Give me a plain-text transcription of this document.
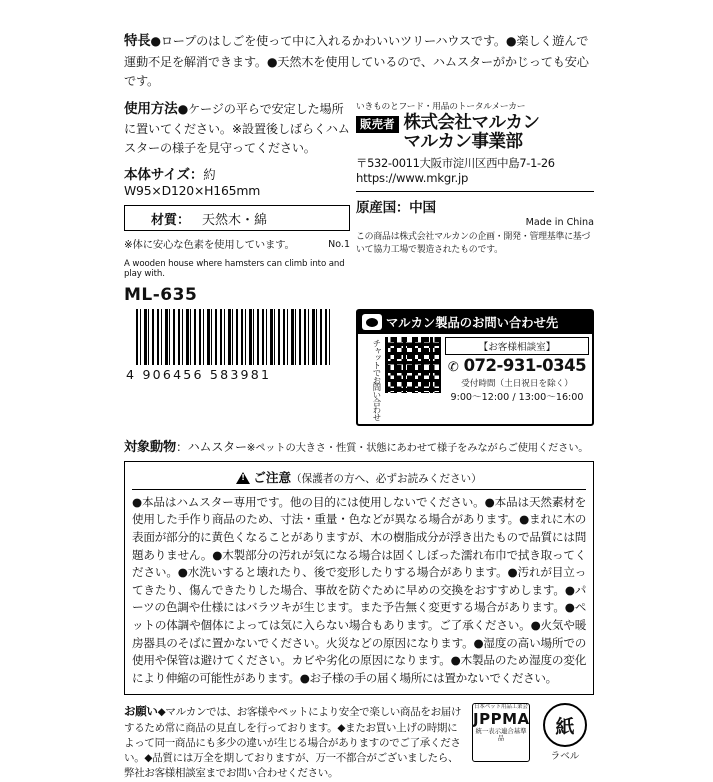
特長●ロープのはしごを使って中に入れるかわいいツリーハウスです。●楽しく遊んで運動不足を解消できます。●天然木を使用しているので、ハムスターがかじっても安心です。
使用方法●ケージの平らで安定した場所に置いてください。※設置後しばらくハムスターの様子を見守ってください。
本体サイズ：約W95×D120×H165mm
材質： 天然木・綿
※体に安心な色素を使用しています。	No.1
A wooden house where hamsters can climb into and play with.
ML-635
いきものとフード・用品のトータルメーカー
販売者 株式会社マルカン
マルカン事業部
〒532-0011大阪市淀川区西中島7-1-26
https://www.mkgr.jp
原産国：中国
Made in China
この商品は株式会社マルカンの企画・開発・管理基準に基づいて協力工場で製造されたものです。
4 906456 583981
マルカン製品のお問い合わせ先
チャットでお問い合わせ	【お客様相談室】
✆ 072-931-0345
受付時間（土日祝日を除く）
9:00〜12:00 / 13:00〜16:00
対象動物：ハムスター※ペットの大きさ・性質・状態にあわせて様子をみながらご使用ください。
!ご注意（保護者の方へ、必ずお読みください）
●本品はハムスター専用です。他の目的には使用しないでください。●本品は天然素材を使用した手作り商品のため、寸法・重量・色などが異なる場合があります。●まれに木の表面が部分的に黄色くなることがありますが、木の樹脂成分が浮き出たもので品質には問題ありません。●木製部分の汚れが気になる場合は固くしぼった濡れ布巾で拭き取ってください。●水洗いすると壊れたり、後で変形したりする場合があります。●汚れが目立ってきたり、傷んできたりした場合、事故を防ぐために早めの交換をおすすめします。●パーツの色調や仕様にはバラツキが生じます。また予告無く変更する場合があります。●ペットの体調や個体によっては気に入らない場合もあります。ご了承ください。●火気や暖房器具のそばに置かないでください。火災などの原因になります。●湿度の高い場所での使用や保管は避けてください。カビや劣化の原因になります。●木製品のため湿度の変化により伸縮の可能性があります。●お子様の手の届く場所には置かないでください。
お願い◆マルカンでは、お客様やペットにより安全で楽しい商品をお届けするため常に商品の見直しを行っております。◆またお買い上げの時期によって同一商品にも多少の違いが生じる場合がありますのでご了承ください。◆品質には万全を期しておりますが、万一不都合がございましたら、弊社お客様相談室までお問い合わせください。
日本ペット用品工業会
JPPMA
統一表示連合基準品
紙
ラベル
